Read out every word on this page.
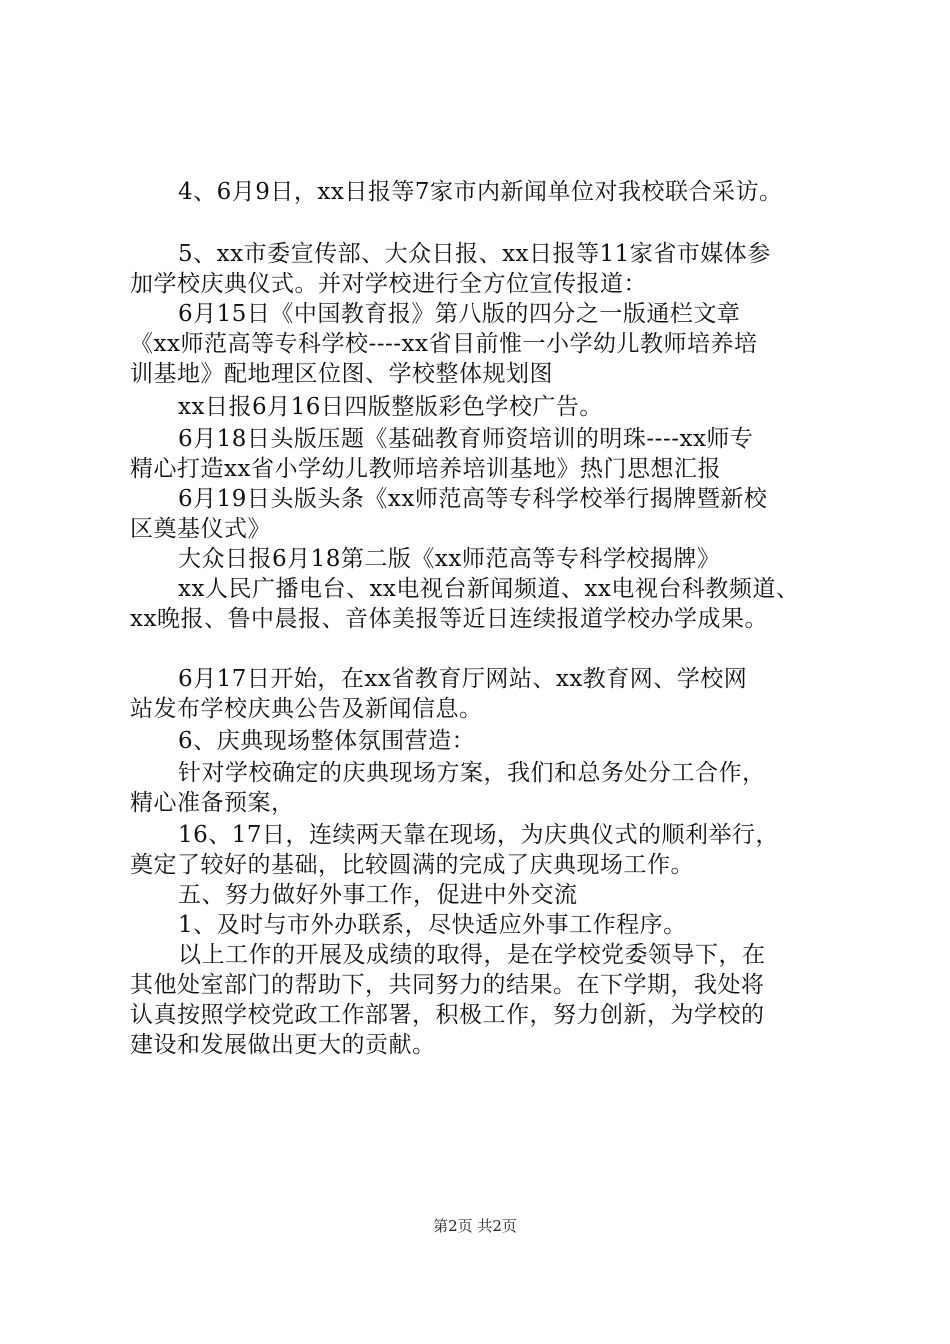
4、6月9日，xx日报等7家市内新闻单位对我校联合采访。
5、xx市委宣传部、大众日报、xx日报等11家省市媒体参
加学校庆典仪式。并对学校进行全方位宣传报道：
6月15日《中国教育报》第八版的四分之一版通栏文章
《xx师范高等专科学校----xx省目前惟一小学幼儿教师培养培
训基地》配地理区位图、学校整体规划图
xx日报6月16日四版整版彩色学校广告。
6月18日头版压题《基础教育师资培训的明珠----xx师专
精心打造xx省小学幼儿教师培养培训基地》热门思想汇报
6月19日头版头条《xx师范高等专科学校举行揭牌暨新校
区奠基仪式》
大众日报6月18第二版《xx师范高等专科学校揭牌》
xx人民广播电台、xx电视台新闻频道、xx电视台科教频道、
xx晚报、鲁中晨报、音体美报等近日连续报道学校办学成果。
6月17日开始，在xx省教育厅网站、xx教育网、学校网
站发布学校庆典公告及新闻信息。
6、庆典现场整体氛围营造：
针对学校确定的庆典现场方案，我们和总务处分工合作，
精心准备预案，
16、17日，连续两天靠在现场，为庆典仪式的顺利举行，
奠定了较好的基础，比较圆满的完成了庆典现场工作。
五、努力做好外事工作，促进中外交流
1、及时与市外办联系，尽快适应外事工作程序。
以上工作的开展及成绩的取得，是在学校党委领导下，在
其他处室部门的帮助下，共同努力的结果。在下学期，我处将
认真按照学校党政工作部署，积极工作，努力创新，为学校的
建设和发展做出更大的贡献。
第2页 共2页
